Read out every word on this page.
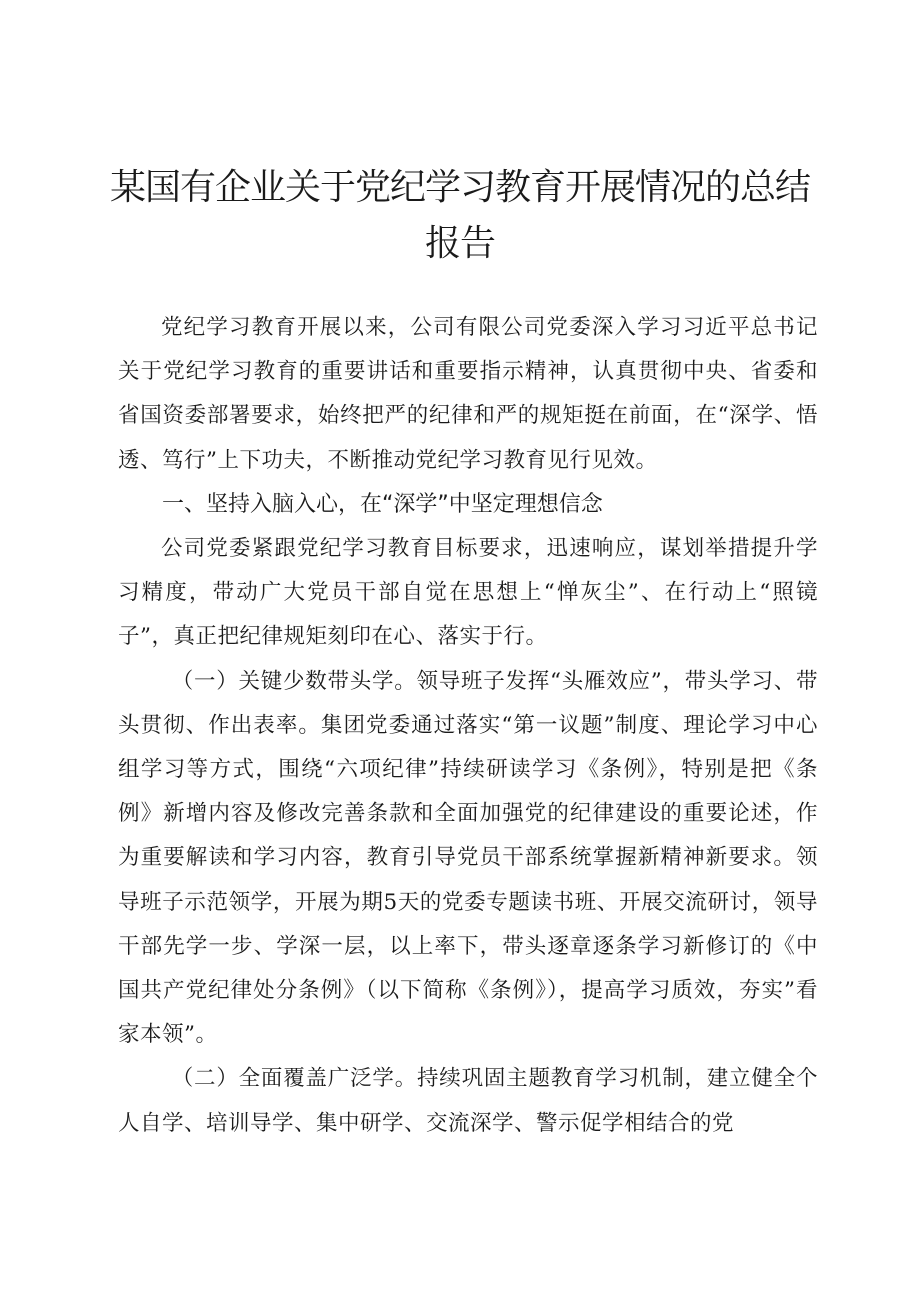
某国有企业关于党纪学习教育开展情况的总结报告

党纪学习教育开展以来，公司有限公司党委深入学习习近平总书记关于党纪学习教育的重要讲话和重要指示精神，认真贯彻中央、省委和省国资委部署要求，始终把严的纪律和严的规矩挺在前面，在“深学、悟透、笃行”上下功夫，不断推动党纪学习教育见行见效。

一、坚持入脑入心，在“深学”中坚定理想信念

公司党委紧跟党纪学习教育目标要求，迅速响应，谋划举措提升学习精度，带动广大党员干部自觉在思想上“惮灰尘”、在行动上“照镜子”，真正把纪律规矩刻印在心、落实于行。

（一）关键少数带头学。领导班子发挥“头雁效应”，带头学习、带头贯彻、作出表率。集团党委通过落实“第一议题”制度、理论学习中心组学习等方式，围绕“六项纪律”持续研读学习《条例》，特别是把《条例》新增内容及修改完善条款和全面加强党的纪律建设的重要论述，作为重要解读和学习内容，教育引导党员干部系统掌握新精神新要求。领导班子示范领学，开展为期5天的党委专题读书班、开展交流研讨，领导干部先学一步、学深一层，以上率下，带头逐章逐条学习新修订的《中国共产党纪律处分条例》（以下简称《条例》），提高学习质效，夯实”看家本领”。

（二）全面覆盖广泛学。持续巩固主题教育学习机制，建立健全个人自学、培训导学、集中研学、交流深学、警示促学相结合的党
